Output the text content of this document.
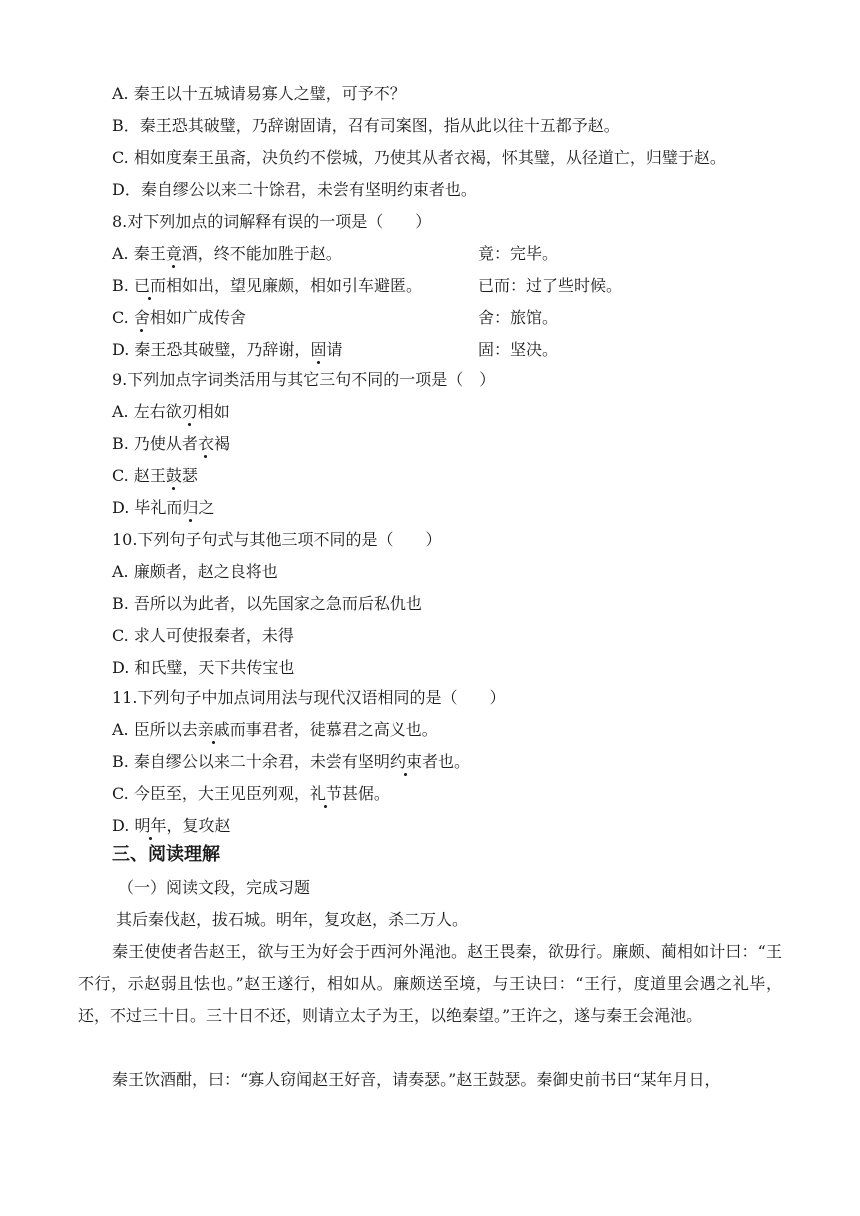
A. 秦王以十五城请易寡人之璧，可予不？
B．秦王恐其破璧，乃辞谢固请，召有司案图，指从此以往十五都予赵。
C. 相如度秦王虽斋，决负约不偿城，乃使其从者衣褐，怀其璧，从径道亡，归璧于赵。
D．秦自缪公以来二十馀君，未尝有坚明约束者也。
8.对下列加点的词解释有误的一项是（　　）
A. 秦王竟酒，终不能加胜于赵。	竟：完毕。
B. 已而相如出，望见廉颇，相如引车避匿。	已而：过了些时候。
C. 舍相如广成传舍	舍：旅馆。
D. 秦王恐其破璧，乃辞谢，固请	固：坚决。
9.下列加点字词类活用与其它三句不同的一项是（　）
A. 左右欲刃相如
B. 乃使从者衣褐
C. 赵王鼓瑟
D. 毕礼而归之
10.下列句子句式与其他三项不同的是（　　）
A. 廉颇者，赵之良将也
B. 吾所以为此者，以先国家之急而后私仇也
C. 求人可使报秦者，未得
D. 和氏璧，天下共传宝也
11.下列句子中加点词用法与现代汉语相同的是（　　）
A. 臣所以去亲戚而事君者，徒慕君之高义也。
B. 秦自缪公以来二十余君，未尝有坚明约束者也。
C. 今臣至，大王见臣列观，礼节甚倨。
D. 明年，复攻赵
三、阅读理解
（一）阅读文段，完成习题
其后秦伐赵，拔石城。明年，复攻赵，杀二万人。
秦王使使者告赵王，欲与王为好会于西河外渑池。赵王畏秦，欲毋行。廉颇、蔺相如计曰：“王不行，示赵弱且怯也。”赵王遂行，相如从。廉颇送至境，与王诀曰：“王行，度道里会遇之礼毕，还，不过三十日。三十日不还，则请立太子为王，以绝秦望。”王许之，遂与秦王会渑池。
秦王饮酒酣，曰：“寡人窃闻赵王好音，请奏瑟。”赵王鼓瑟。秦御史前书曰“某年月日，
